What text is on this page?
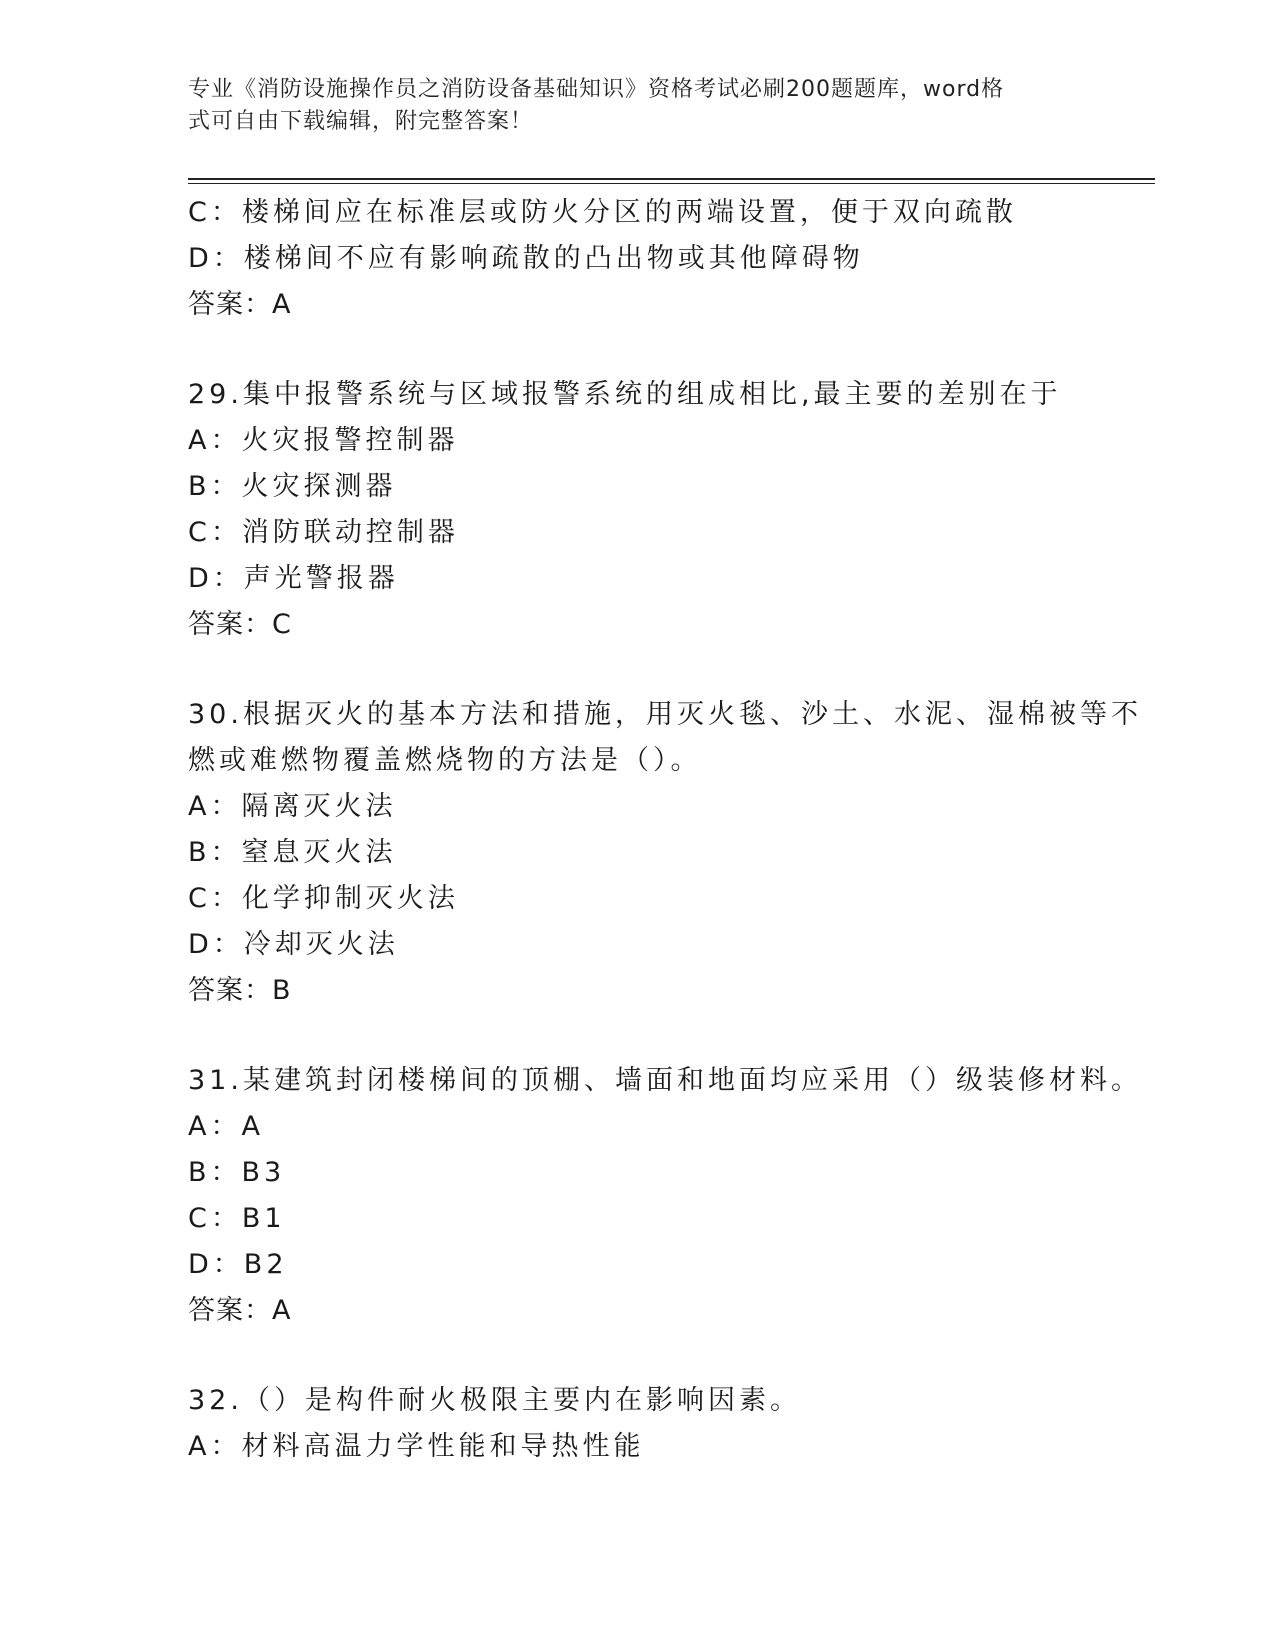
专业《消防设施操作员之消防设备基础知识》资格考试必刷200题题库，word格
式可自由下载编辑，附完整答案！
C：楼梯间应在标准层或防火分区的两端设置，便于双向疏散
D：楼梯间不应有影响疏散的凸出物或其他障碍物
答案：A
29.集中报警系统与区域报警系统的组成相比,最主要的差别在于
A：火灾报警控制器
B：火灾探测器
C：消防联动控制器
D：声光警报器
答案：C
30.根据灭火的基本方法和措施，用灭火毯、沙土、水泥、湿棉被等不
燃或难燃物覆盖燃烧物的方法是（）。
A：隔离灭火法
B：窒息灭火法
C：化学抑制灭火法
D：冷却灭火法
答案：B
31.某建筑封闭楼梯间的顶棚、墙面和地面均应采用（）级装修材料。
A：A
B：B3
C：B1
D：B2
答案：A
32.（）是构件耐火极限主要内在影响因素。
A：材料高温力学性能和导热性能
